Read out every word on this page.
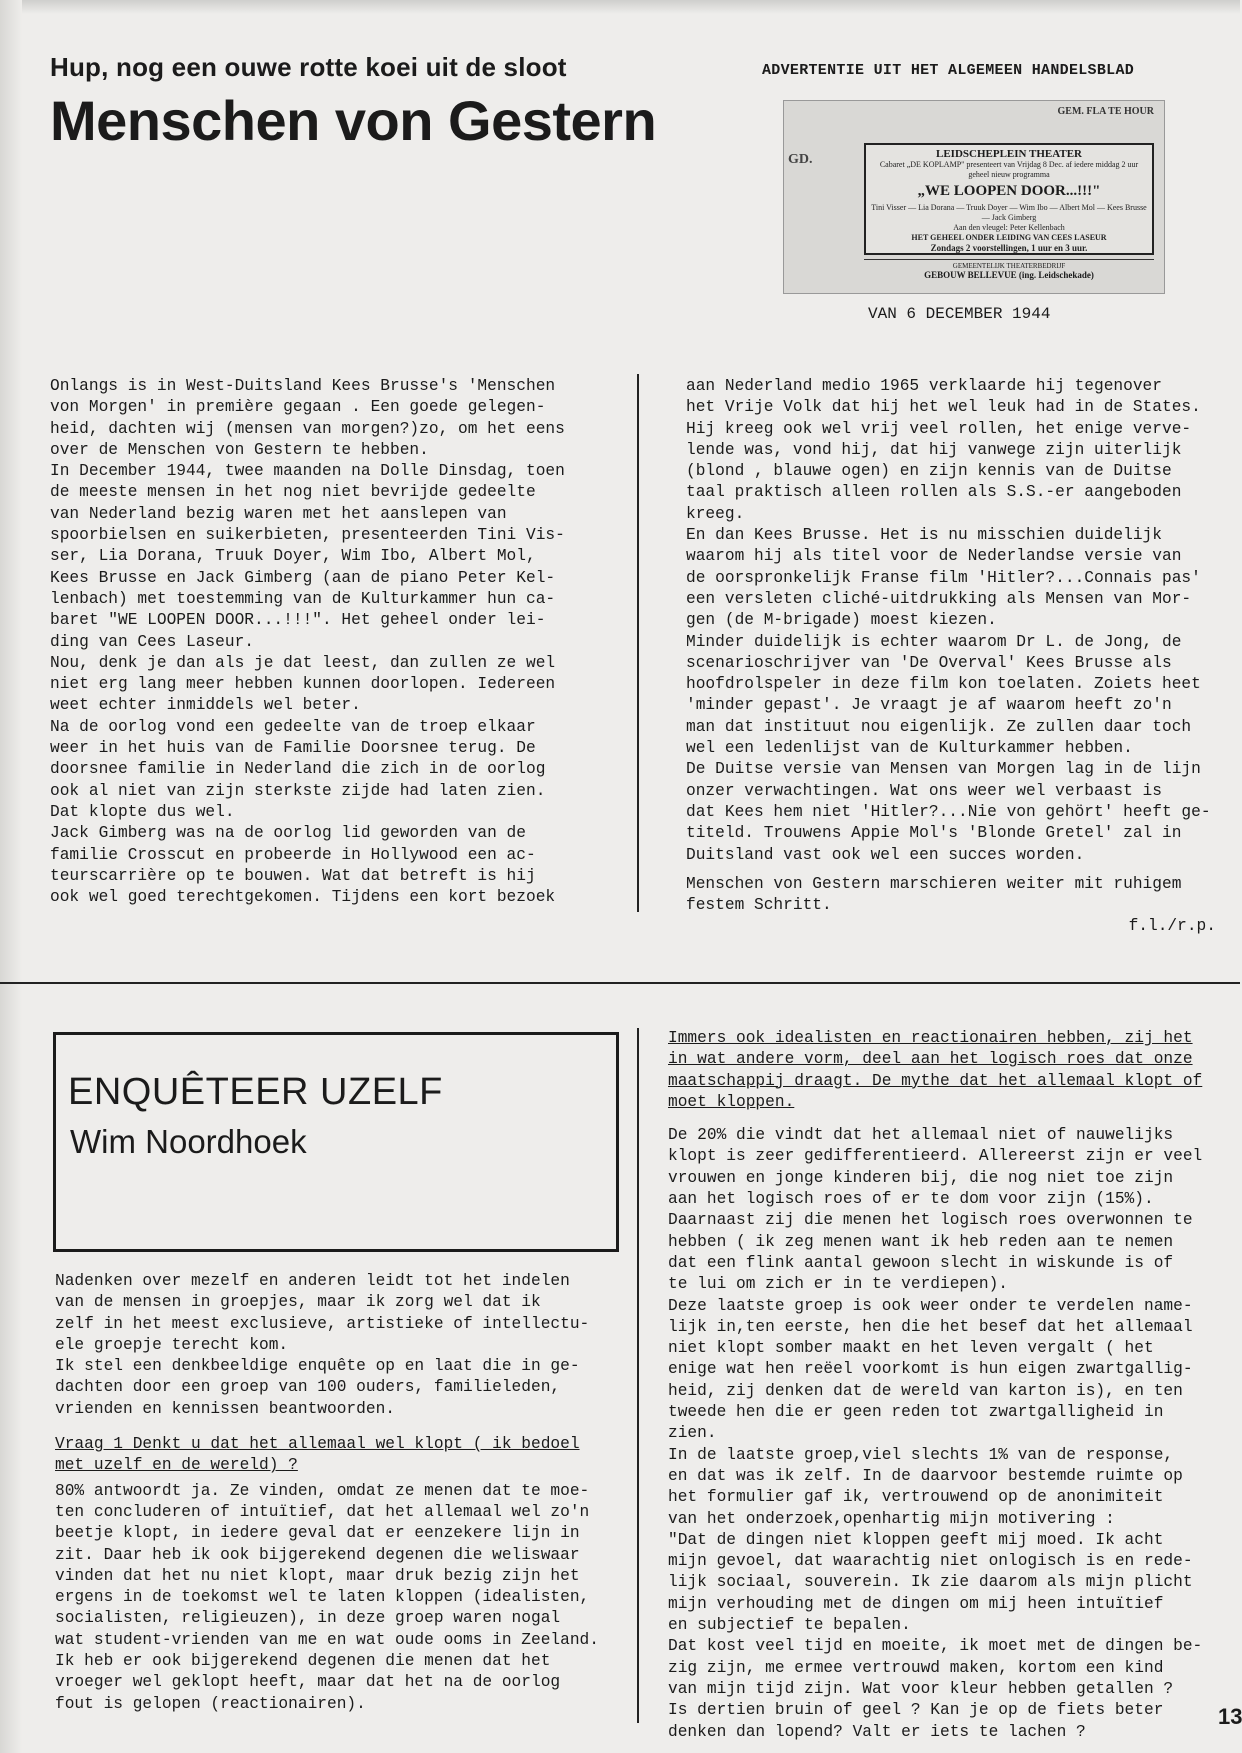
Hup, nog een ouwe rotte koei uit de sloot

Menschen von Gestern
ADVERTENTIE UIT HET ALGEMEEN HANDELSBLAD
GD.
GEM. FLA TE HOUR
LEIDSCHEPLEIN THEATER
Cabaret „DE KOPLAMP" presenteert van Vrijdag 8 Dec. af iedere middag 2 uur geheel nieuw programma
„WE LOOPEN DOOR...!!!"
Tini Visser — Lia Dorana — Truuk Doyer — Wim Ibo — Albert Mol — Kees Brusse — Jack Gimberg
Aan den vleugel: Peter Kellenbach
HET GEHEEL ONDER LEIDING VAN CEES LASEUR
Zondags 2 voorstellingen, 1 uur en 3 uur.
GEMEENTELIJK THEATERBEDRIJF
GEBOUW BELLEVUE (ing. Leidschekade)
VAN 6 DECEMBER 1944

Onlangs is in West-Duitsland Kees Brusse's 'Menschen

von Morgen' in première gegaan . Een goede gelegen-

heid, dachten wij (mensen van morgen?)zo, om het eens

over de Menschen von Gestern te hebben.

In December 1944, twee maanden na Dolle Dinsdag, toen

de meeste mensen in het nog niet bevrijde gedeelte

van Nederland bezig waren met het aanslepen van

spoorbielsen en suikerbieten, presenteerden Tini Vis-

ser, Lia Dorana, Truuk Doyer, Wim Ibo, Albert Mol,

Kees Brusse en Jack Gimberg (aan de piano Peter Kel-

lenbach) met toestemming van de Kulturkammer hun ca-

baret "WE LOOPEN DOOR...!!!". Het geheel onder lei-

ding van Cees Laseur.

Nou, denk je dan als je dat leest, dan zullen ze wel

niet erg lang meer hebben kunnen doorlopen. Iedereen

weet echter inmiddels wel beter.

Na de oorlog vond een gedeelte van de troep elkaar

weer in het huis van de Familie Doorsnee terug. De

doorsnee familie in Nederland die zich in de oorlog

ook al niet van zijn sterkste zijde had laten zien.

Dat klopte dus wel.

Jack Gimberg was na de oorlog lid geworden van de

familie Crosscut en probeerde in Hollywood een ac-

teurscarrière op te bouwen. Wat dat betreft is hij

ook wel goed terechtgekomen. Tijdens een kort bezoek

aan Nederland medio 1965 verklaarde hij tegenover

het Vrije Volk dat hij het wel leuk had in de States.

Hij kreeg ook wel vrij veel rollen, het enige verve-

lende was, vond hij, dat hij vanwege zijn uiterlijk

(blond , blauwe ogen) en zijn kennis van de Duitse

taal praktisch alleen rollen als S.S.-er aangeboden

kreeg.

En dan Kees Brusse. Het is nu misschien duidelijk

waarom hij als titel voor de Nederlandse versie van

de oorspronkelijk Franse film 'Hitler?...Connais pas'

een versleten cliché-uitdrukking als Mensen van Mor-

gen (de M-brigade) moest kiezen.

Minder duidelijk is echter waarom Dr L. de Jong, de

scenarioschrijver van 'De Overval' Kees Brusse als

hoofdrolspeler in deze film kon toelaten. Zoiets heet

'minder gepast'. Je vraagt je af waarom heeft zo'n

man dat instituut nou eigenlijk. Ze zullen daar toch

wel een ledenlijst van de Kulturkammer hebben.

De Duitse versie van Mensen van Morgen lag in de lijn

onzer verwachtingen. Wat ons weer wel verbaast is

dat Kees hem niet 'Hitler?...Nie von gehört' heeft ge-

titeld. Trouwens Appie Mol's 'Blonde Gretel' zal in

Duitsland vast ook wel een succes worden.

Menschen von Gestern marschieren weiter mit ruhigem

festem Schritt.

f.l./r.p.

ENQUÊTEER UZELF

Wim Noordhoek

Nadenken over mezelf en anderen leidt tot het indelen

van de mensen in groepjes, maar ik zorg wel dat ik

zelf in het meest exclusieve, artistieke of intellectu-

ele groepje terecht kom.

Ik stel een denkbeeldige enquête op en laat die in ge-

dachten door een groep van 100 ouders, familieleden,

vrienden en kennissen beantwoorden.

Vraag 1 Denkt u dat het allemaal wel klopt ( ik bedoel

met uzelf en de wereld) ?

80% antwoordt ja. Ze vinden, omdat ze menen dat te moe-

ten concluderen of intuïtief, dat het allemaal wel zo'n

beetje klopt, in iedere geval dat er eenzekere lijn in

zit. Daar heb ik ook bijgerekend degenen die weliswaar

vinden dat het nu niet klopt, maar druk bezig zijn het

ergens in de toekomst wel te laten kloppen (idealisten,

socialisten, religieuzen), in deze groep waren nogal

wat student-vrienden van me en wat oude ooms in Zeeland.

Ik heb er ook bijgerekend degenen die menen dat het

vroeger wel geklopt heeft, maar dat het na de oorlog

fout is gelopen (reactionairen).

Immers ook idealisten en reactionairen hebben, zij het

in wat andere vorm, deel aan het logisch roes dat onze

maatschappij draagt. De mythe dat het allemaal klopt of

moet kloppen.

De 20% die vindt dat het allemaal niet of nauwelijks

klopt is zeer gedifferentieerd. Allereerst zijn er veel

vrouwen en jonge kinderen bij, die nog niet toe zijn

aan het logisch roes of er te dom voor zijn (15%).

Daarnaast zij die menen het logisch roes overwonnen te

hebben ( ik zeg menen want ik heb reden aan te nemen

dat een flink aantal gewoon slecht in wiskunde is of

te lui om zich er in te verdiepen).

Deze laatste groep is ook weer onder te verdelen name-

lijk in,ten eerste, hen die het besef dat het allemaal

niet klopt somber maakt en het leven vergalt ( het

enige wat hen reëel voorkomt is hun eigen zwartgallig-

heid, zij denken dat de wereld van karton is), en ten

tweede hen die er geen reden tot zwartgalligheid in

zien.

In de laatste groep,viel slechts 1% van de response,

en dat was ik zelf. In de daarvoor bestemde ruimte op

het formulier gaf ik, vertrouwend op de anonimiteit

van het onderzoek,openhartig mijn motivering :

"Dat de dingen niet kloppen geeft mij moed. Ik acht

mijn gevoel, dat waarachtig niet onlogisch is en rede-

lijk sociaal, souverein. Ik zie daarom als mijn plicht

mijn verhouding met de dingen om mij heen intuïtief

en subjectief te bepalen.

Dat kost veel tijd en moeite, ik moet met de dingen be-

zig zijn, me ermee vertrouwd maken, kortom een kind

van mijn tijd zijn. Wat voor kleur hebben getallen ?

Is dertien bruin of geel ? Kan je op de fiets beter

denken dan lopend? Valt er iets te lachen ?

13
